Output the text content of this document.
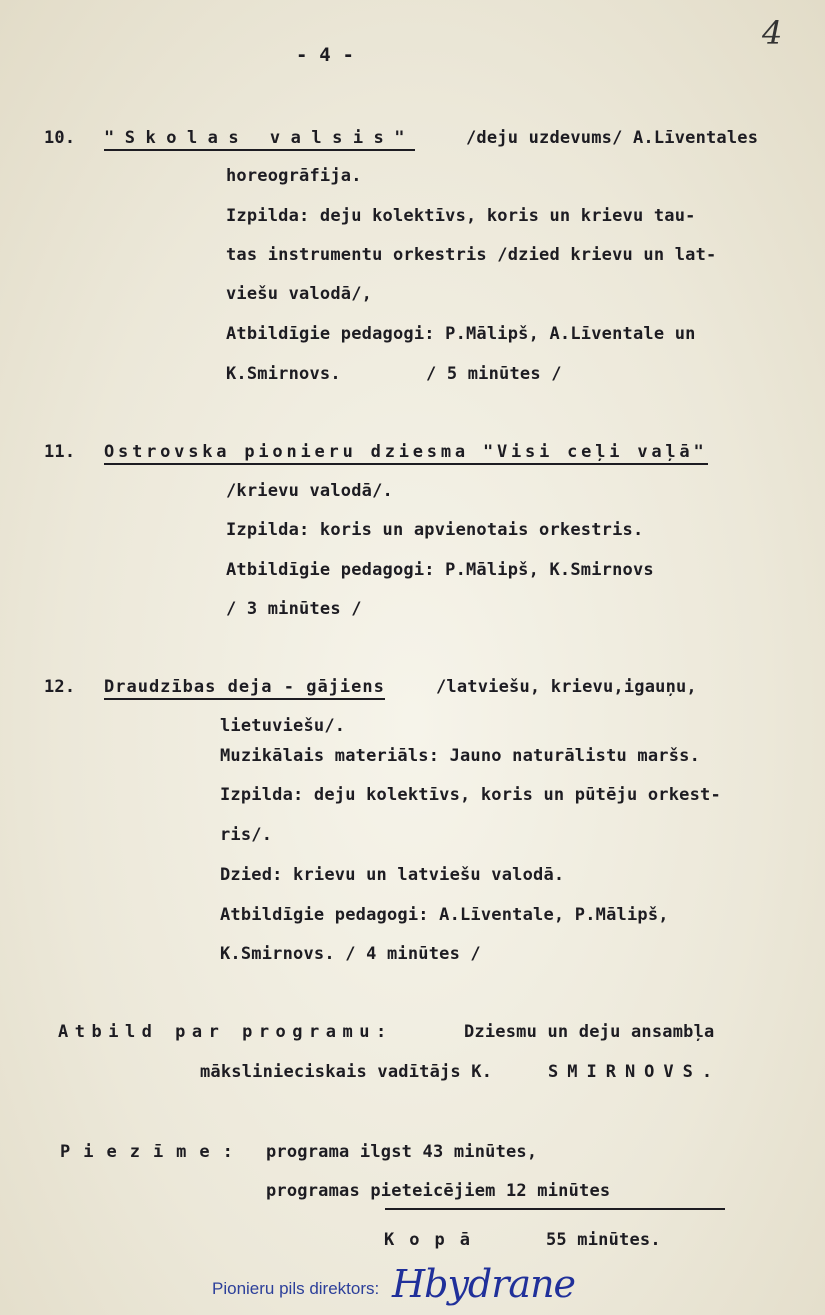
4
- 4 -
10. "Skolas valsis"	/deju uzdevums/ A.Līventales
horeogrāfija.
Izpilda: deju kolektīvs, koris un krievu tau-
tas instrumentu orkestris /dzied krievu un lat-
viešu valodā/,
Atbildīgie pedagogi: P.Mālipš, A.Līventale un
K.Smirnovs.	/ 5 minūtes /
11. Ostrovska pionieru dziesma "Visi ceļi vaļā"
/krievu valodā/.
Izpilda: koris un apvienotais orkestris.
Atbildīgie pedagogi: P.Mālipš, K.Smirnovs
/ 3 minūtes /
12. Draudzības deja - gājiens	/latviešu, krievu,igauņu,
lietuviešu/.
Muzikālais materiāls: Jauno naturālistu maršs.
Izpilda: deju kolektīvs, koris un pūtēju orkest-
ris/.
Dzied: krievu un latviešu valodā.
Atbildīgie pedagogi: A.Līventale, P.Mālipš,
K.Smirnovs. / 4 minūtes /
Atbild par programu:	Dziesmu un deju ansambļa
mākslinieciskais vadītājs K.	SMIRNOVS.
Piezīme: programa ilgst 43 minūtes,
programas pieteicējiem 12 minūtes
Kopā	55 minūtes.
Pionieru pils direktors: Hbydrane
